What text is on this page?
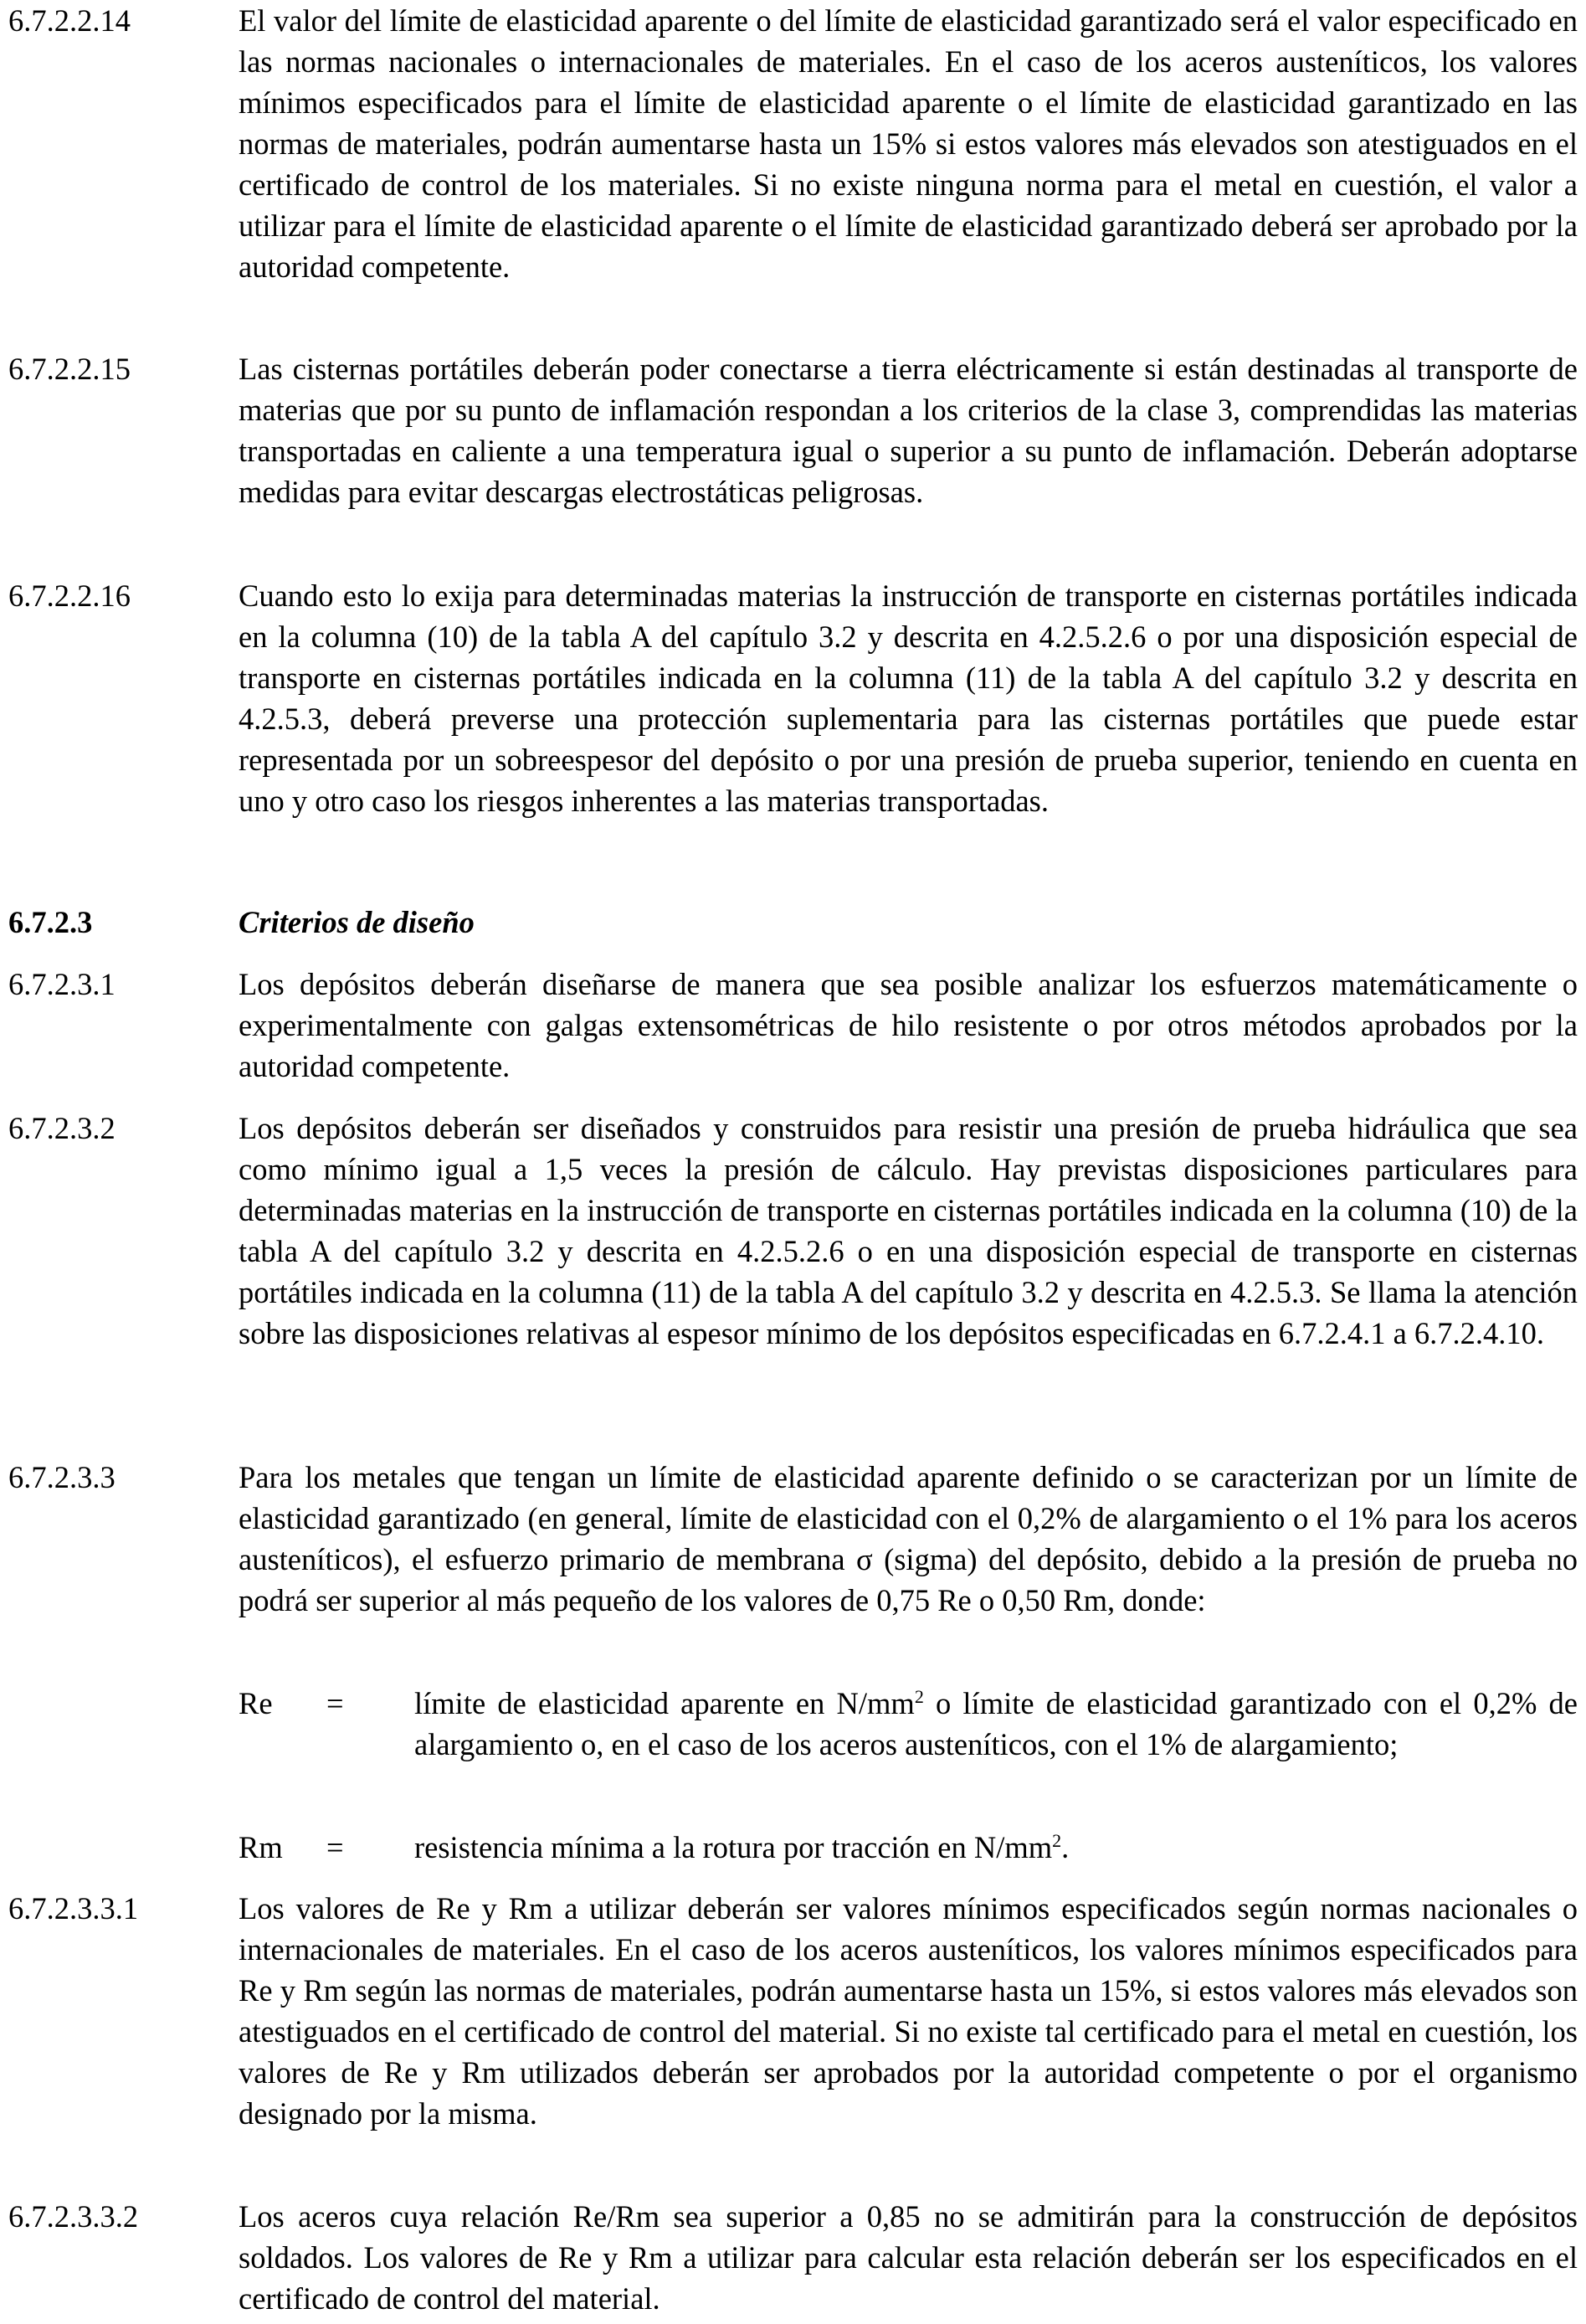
6.7.2.2.14	El valor del límite de elasticidad aparente o del límite de elasticidad garantizado será el valor especificado en las normas nacionales o internacionales de materiales. En el caso de los aceros austeníticos, los valores mínimos especificados para el límite de elasticidad aparente o el límite de elasticidad garantizado en las normas de materiales, podrán aumentarse hasta un 15% si estos valores más elevados son atestiguados en el certificado de control de los materiales. Si no existe ninguna norma para el metal en cuestión, el valor a utilizar para el límite de elasticidad aparente o el límite de elasticidad garantizado deberá ser aprobado por la autoridad competente.
6.7.2.2.15	Las cisternas portátiles deberán poder conectarse a tierra eléctricamente si están destinadas al transporte de materias que por su punto de inflamación respondan a los criterios de la clase 3, comprendidas las materias transportadas en caliente a una temperatura igual o superior a su punto de inflamación. Deberán adoptarse medidas para evitar descargas electrostáticas peligrosas.
6.7.2.2.16	Cuando esto lo exija para determinadas materias la instrucción de transporte en cisternas portátiles indicada en la columna (10) de la tabla A del capítulo 3.2 y descrita en 4.2.5.2.6 o por una disposición especial de transporte en cisternas portátiles indicada en la columna (11) de la tabla A del capítulo 3.2 y descrita en 4.2.5.3, deberá preverse una protección suplementaria para las cisternas portátiles que puede estar representada por un sobreespesor del depósito o por una presión de prueba superior, teniendo en cuenta en uno y otro caso los riesgos inherentes a las materias transportadas.
6.7.2.3	Criterios de diseño
6.7.2.3.1	Los depósitos deberán diseñarse de manera que sea posible analizar los esfuerzos matemáticamente o experimentalmente con galgas extensométricas de hilo resistente o por otros métodos aprobados por la autoridad competente.
6.7.2.3.2	Los depósitos deberán ser diseñados y construidos para resistir una presión de prueba hidráulica que sea como mínimo igual a 1,5 veces la presión de cálculo. Hay previstas disposiciones particulares para determinadas materias en la instrucción de transporte en cisternas portátiles indicada en la columna (10) de la tabla A del capítulo 3.2 y descrita en 4.2.5.2.6 o en una disposición especial de transporte en cisternas portátiles indicada en la columna (11) de la tabla A del capítulo 3.2 y descrita en 4.2.5.3. Se llama la atención sobre las disposiciones relativas al espesor mínimo de los depósitos especificadas en 6.7.2.4.1 a 6.7.2.4.10.
6.7.2.3.3	Para los metales que tengan un límite de elasticidad aparente definido o se caracterizan por un límite de elasticidad garantizado (en general, límite de elasticidad con el 0,2% de alargamiento o el 1% para los aceros austeníticos), el esfuerzo primario de membrana σ (sigma) del depósito, debido a la presión de prueba no podrá ser superior al más pequeño de los valores de 0,75 Re o 0,50 Rm, donde:
Re = límite de elasticidad aparente en $N/mm^2$ o límite de elasticidad garantizado con el 0,2% de alargamiento o, en el caso de los aceros austeníticos, con el 1% de alargamiento;
Rm = resistencia mínima a la rotura por tracción en $N/mm^2$.
6.7.2.3.3.1	Los valores de Re y Rm a utilizar deberán ser valores mínimos especificados según normas nacionales o internacionales de materiales. En el caso de los aceros austeníticos, los valores mínimos especificados para Re y Rm según las normas de materiales, podrán aumentarse hasta un 15%, si estos valores más elevados son atestiguados en el certificado de control del material. Si no existe tal certificado para el metal en cuestión, los valores de Re y Rm utilizados deberán ser aprobados por la autoridad competente o por el organismo designado por la misma.
6.7.2.3.3.2	Los aceros cuya relación Re/Rm sea superior a 0,85 no se admitirán para la construcción de depósitos soldados. Los valores de Re y Rm a utilizar para calcular esta relación deberán ser los especificados en el certificado de control del material.
